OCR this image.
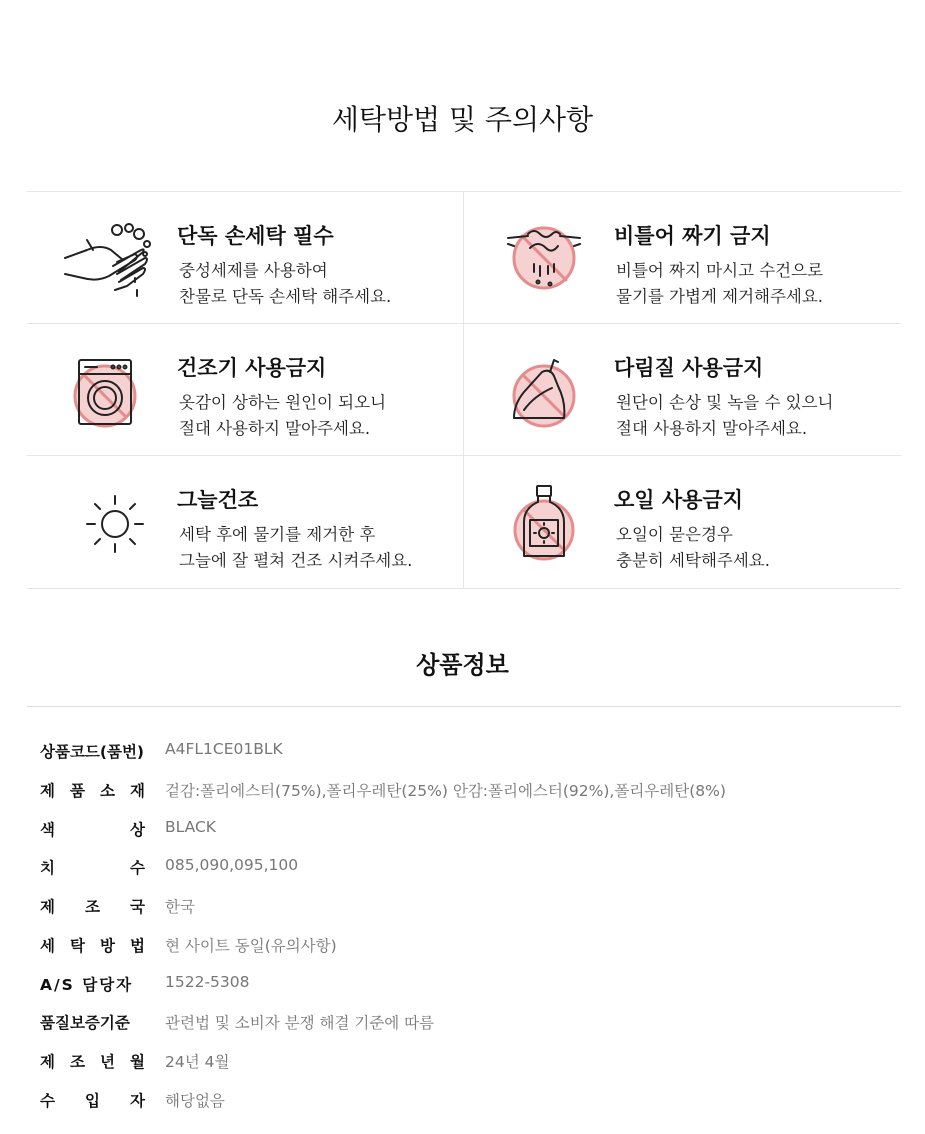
세탁방법 및 주의사항
단독 손세탁 필수
중성세제를 사용하여
찬물로 단독 손세탁 해주세요.
비틀어 짜기 금지
비틀어 짜지 마시고 수건으로
물기를 가볍게 제거해주세요.
건조기 사용금지
옷감이 상하는 원인이 되오니
절대 사용하지 말아주세요.
다림질 사용금지
원단이 손상 및 녹을 수 있으니
절대 사용하지 말아주세요.
그늘건조
세탁 후에 물기를 제거한 후
그늘에 잘 펼쳐 건조 시켜주세요.
오일 사용금지
오일이 묻은경우
충분히 세탁해주세요.
상품정보
상품코드(품번) A4FL1CE01BLK
제 품 소 재 겉감:폴리에스터(75%),폴리우레탄(25%) 안감:폴리에스터(92%),폴리우레탄(8%)
색	상 BLACK
치	수 085,090,095,100
제 조 국 한국
세 탁 방 법 현 사이트 동일(유의사항)
A/S 담당자 1522-5308
품질보증기준 관련법 및 소비자 분쟁 해결 기준에 따름
제 조 년 월 24년 4월
수 입 자 해당없음
